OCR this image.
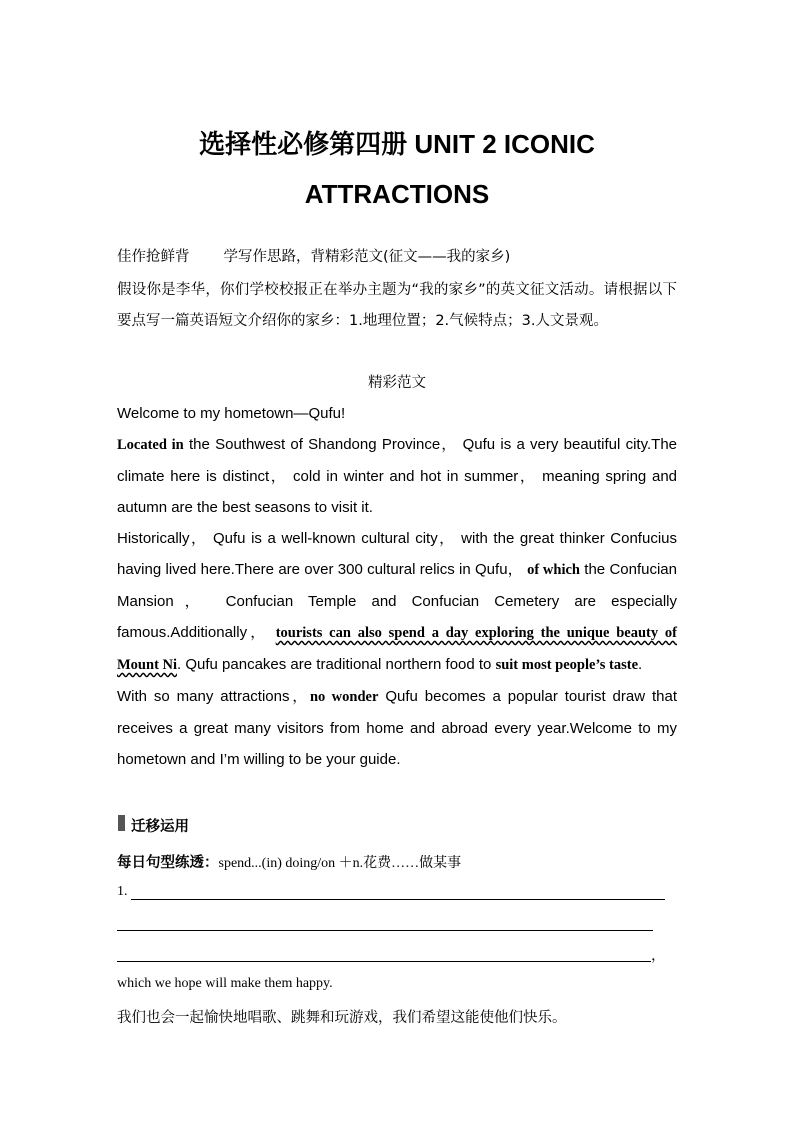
选择性必修第四册 UNIT 2 ICONIC
ATTRACTIONS
佳作抢鲜背 学写作思路，背精彩范文(征文——我的家乡)
假设你是李华，你们学校校报正在举办主题为“我的家乡”的英文征文活动。请根据以下要点写一篇英语短文介绍你的家乡：1.地理位置；2.气候特点；3.人文景观。
精彩范文
Welcome to my hometown—Qufu!
Located in the Southwest of Shandong Province， Qufu is a very beautiful city.The climate here is distinct， cold in winter and hot in summer， meaning spring and autumn are the best seasons to visit it.
Historically， Qufu is a well-known cultural city， with the great thinker Confucius having lived here.There are over 300 cultural relics in Qufu， of which the Confucian Mansion， Confucian Temple and Confucian Cemetery are especially famous.Additionally， tourists can also spend a day exploring the unique beauty of Mount Ni. Qufu pancakes are traditional northern food to suit most people’s taste.
With so many attractions，no wonder Qufu becomes a popular tourist draw that receives a great many visitors from home and abroad every year.Welcome to my hometown and I’m willing to be your guide.
迁移运用
每日句型练透：spend...(in) doing/on ＋n.花费……做某事
1.
，
which we hope will make them happy.
我们也会一起愉快地唱歌、跳舞和玩游戏，我们希望这能使他们快乐。
